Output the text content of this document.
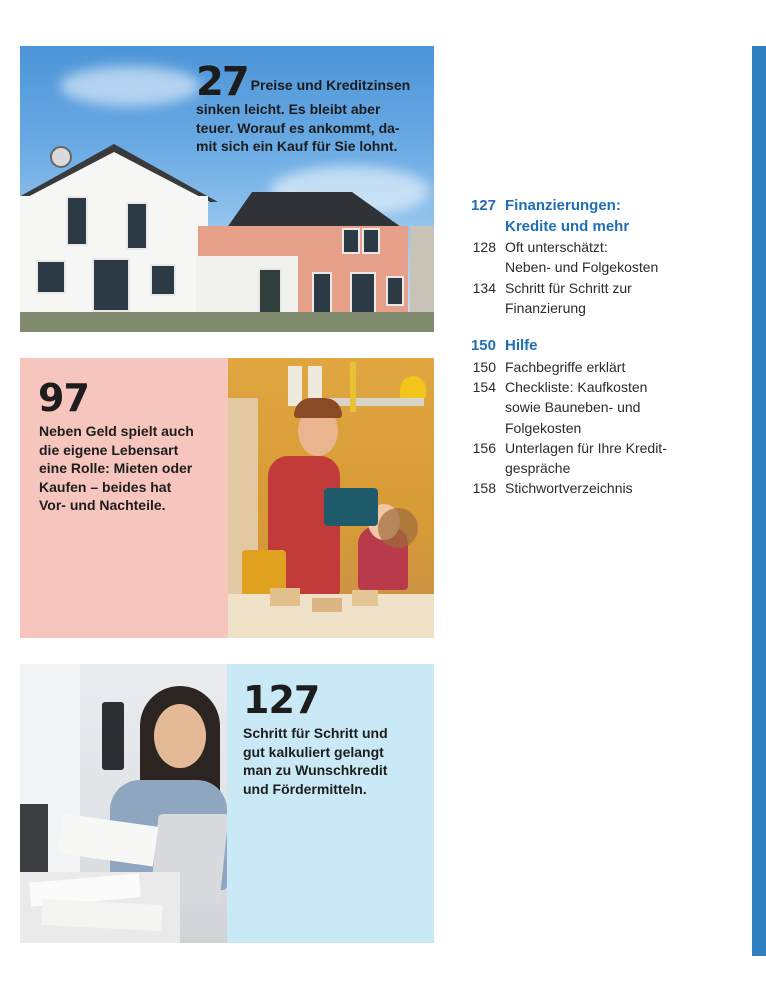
27 Preise und Kreditzinsen
sinken leicht. Es bleibt aber
teuer. Worauf es ankommt, da-
mit sich ein Kauf für Sie lohnt.
97
Neben Geld spielt auch
die eigene Lebensart
eine Rolle: Mieten oder
Kaufen – beides hat
Vor- und Nachteile.
127
Schritt für Schritt und
gut kalkuliert gelangt
man zu Wunschkredit
und Fördermitteln.
127 Finanzierungen:
Kredite und mehr
128 Oft unterschätzt:
Neben- und Folgekosten
134 Schritt für Schritt zur
Finanzierung
150 Hilfe
150 Fachbegriffe erklärt
154 Checkliste: Kaufkosten
sowie Bauneben- und
Folgekosten
156 Unterlagen für Ihre Kredit-
gespräche
158 Stichwortverzeichnis
